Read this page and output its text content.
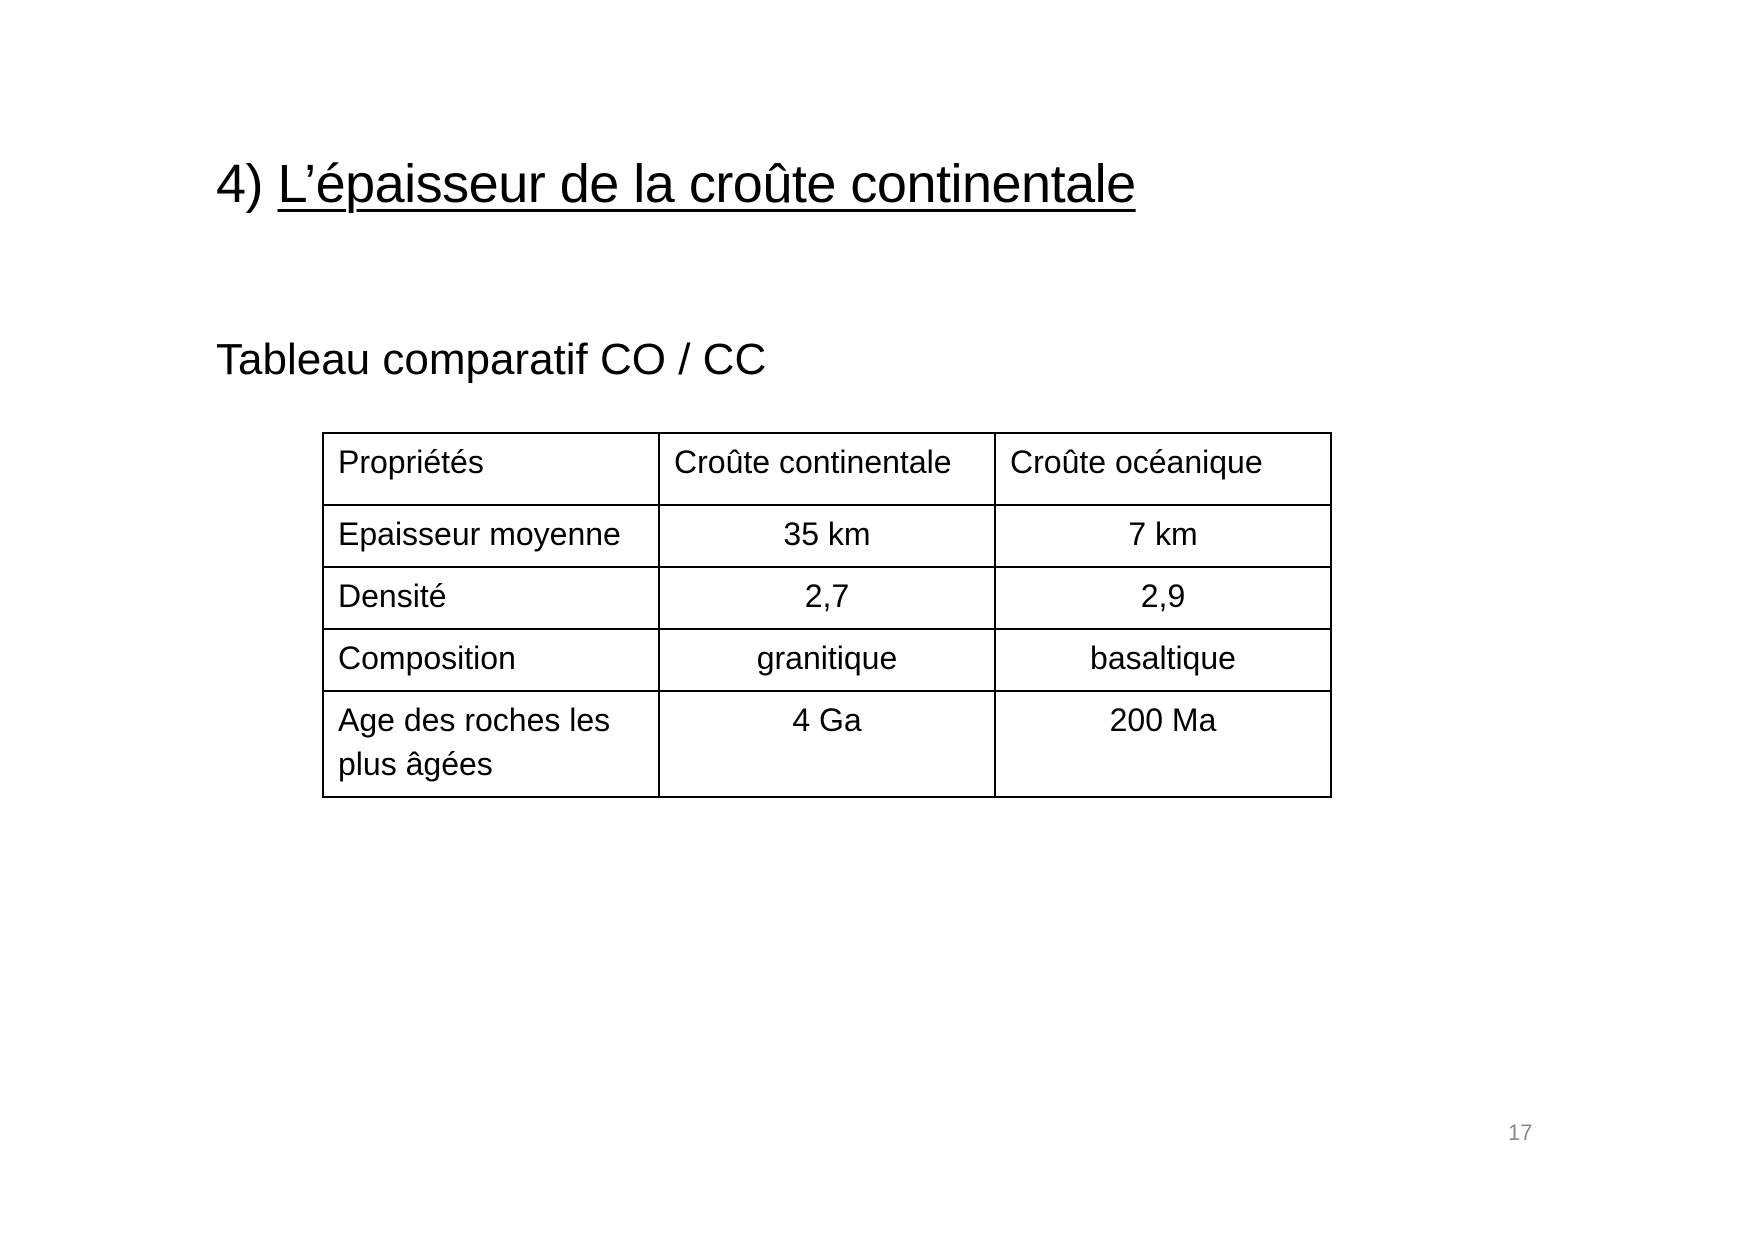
4) L’épaisseur de la croûte continentale
Tableau comparatif CO / CC
Propriétés	Croûte continentale	Croûte océanique
Epaisseur moyenne	35 km	7 km
Densité	2,7	2,9
Composition	granitique	basaltique
Age des roches les plus âgées	4 Ga	200 Ma
17
